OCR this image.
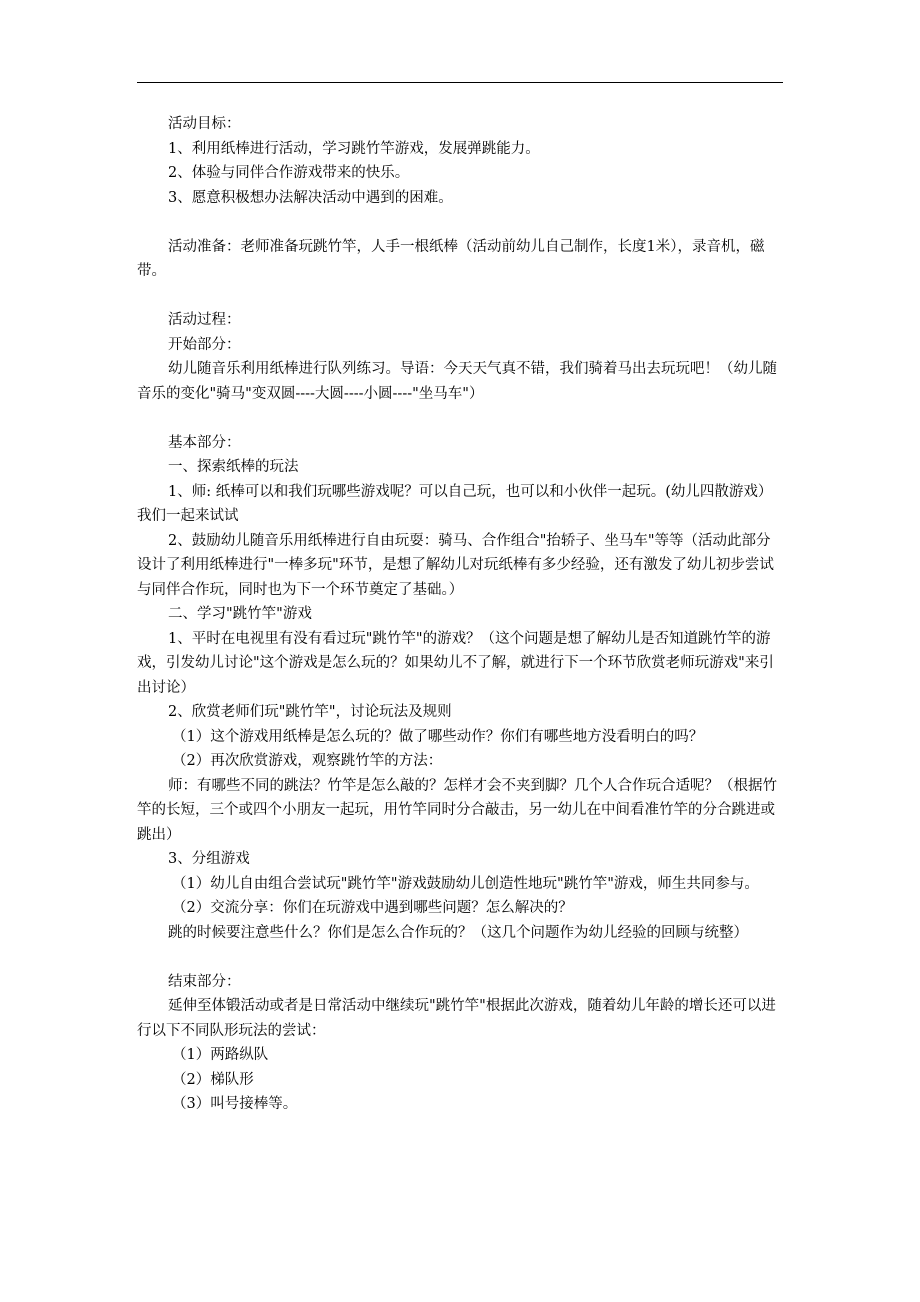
活动目标：

1、利用纸棒进行活动，学习跳竹竿游戏，发展弹跳能力。

2、体验与同伴合作游戏带来的快乐。

3、愿意积极想办法解决活动中遇到的困难。

活动准备：老师准备玩跳竹竿，人手一根纸棒（活动前幼儿自己制作，长度1米），录音机，磁带。

活动过程：

开始部分：

幼儿随音乐利用纸棒进行队列练习。导语：今天天气真不错，我们骑着马出去玩玩吧！（幼儿随音乐的变化"骑马"变双圆----大圆----小圆----"坐马车"）

基本部分：

一、探索纸棒的玩法

1、师: 纸棒可以和我们玩哪些游戏呢？可以自己玩，也可以和小伙伴一起玩。(幼儿四散游戏）我们一起来试试

2、鼓励幼儿随音乐用纸棒进行自由玩耍：骑马、合作组合"抬轿子、坐马车"等等（活动此部分设计了利用纸棒进行"一棒多玩"环节，是想了解幼儿对玩纸棒有多少经验，还有激发了幼儿初步尝试与同伴合作玩，同时也为下一个环节奠定了基础。）

二、学习"跳竹竿"游戏

1、平时在电视里有没有看过玩"跳竹竿"的游戏？（这个问题是想了解幼儿是否知道跳竹竿的游戏，引发幼儿讨论"这个游戏是怎么玩的？如果幼儿不了解，就进行下一个环节欣赏老师玩游戏"来引出讨论）

2、欣赏老师们玩"跳竹竿"，讨论玩法及规则

（1）这个游戏用纸棒是怎么玩的？做了哪些动作？你们有哪些地方没看明白的吗？

（2）再次欣赏游戏，观察跳竹竿的方法：

师：有哪些不同的跳法？竹竿是怎么敲的？怎样才会不夹到脚？几个人合作玩合适呢？（根据竹竿的长短，三个或四个小朋友一起玩，用竹竿同时分合敲击，另一幼儿在中间看准竹竿的分合跳进或跳出）

3、分组游戏

（1）幼儿自由组合尝试玩"跳竹竿"游戏鼓励幼儿创造性地玩"跳竹竿"游戏，师生共同参与。

（2）交流分享：你们在玩游戏中遇到哪些问题？怎么解决的？

跳的时候要注意些什么？你们是怎么合作玩的？（这几个问题作为幼儿经验的回顾与统整）

结束部分：

延伸至体锻活动或者是日常活动中继续玩"跳竹竿"根据此次游戏，随着幼儿年龄的增长还可以进行以下不同队形玩法的尝试：

（1）两路纵队

（2）梯队形

（3）叫号接棒等。
